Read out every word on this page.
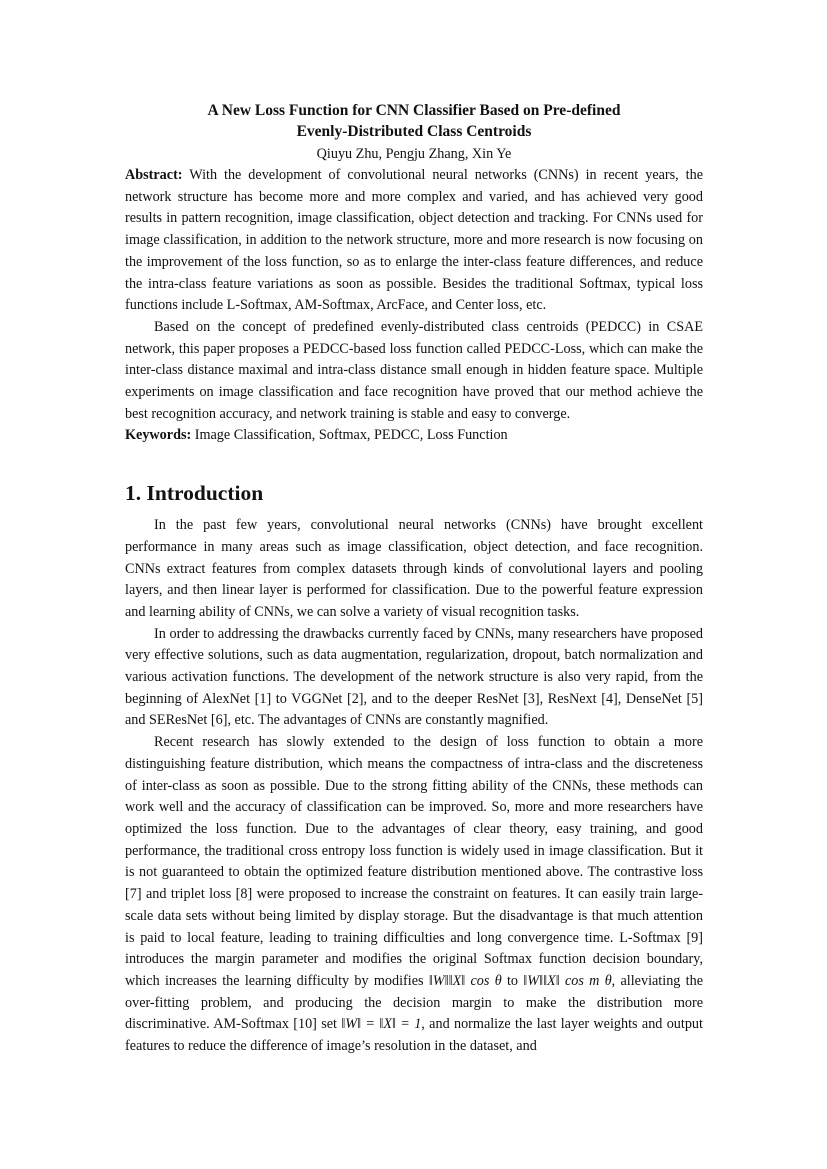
A New Loss Function for CNN Classifier Based on Pre-defined
Evenly-Distributed Class Centroids

Qiuyu Zhu, Pengju Zhang, Xin Ye

Abstract: With the development of convolutional neural networks (CNNs) in recent years, the network structure has become more and more complex and varied, and has achieved very good results in pattern recognition, image classification, object detection and tracking. For CNNs used for image classification, in addition to the network structure, more and more research is now focusing on the improvement of the loss function, so as to enlarge the inter-class feature differences, and reduce the intra-class feature variations as soon as possible. Besides the traditional Softmax, typical loss functions include L-Softmax, AM-Softmax, ArcFace, and Center loss, etc.

Based on the concept of predefined evenly-distributed class centroids (PEDCC) in CSAE network, this paper proposes a PEDCC-based loss function called PEDCC-Loss, which can make the inter-class distance maximal and intra-class distance small enough in hidden feature space. Multiple experiments on image classification and face recognition have proved that our method achieve the best recognition accuracy, and network training is stable and easy to converge.

Keywords: Image Classification, Softmax, PEDCC, Loss Function

1. Introduction

In the past few years, convolutional neural networks (CNNs) have brought excellent performance in many areas such as image classification, object detection, and face recognition. CNNs extract features from complex datasets through kinds of convolutional layers and pooling layers, and then linear layer is performed for classification. Due to the powerful feature expression and learning ability of CNNs, we can solve a variety of visual recognition tasks.

In order to addressing the drawbacks currently faced by CNNs, many researchers have proposed very effective solutions, such as data augmentation, regularization, dropout, batch normalization and various activation functions. The development of the network structure is also very rapid, from the beginning of AlexNet [1] to VGGNet [2], and to the deeper ResNet [3], ResNext [4], DenseNet [5] and SEResNet [6], etc. The advantages of CNNs are constantly magnified.

Recent research has slowly extended to the design of loss function to obtain a more distinguishing feature distribution, which means the compactness of intra-class and the discreteness of inter-class as soon as possible. Due to the strong fitting ability of the CNNs, these methods can work well and the accuracy of classification can be improved. So, more and more researchers have optimized the loss function. Due to the advantages of clear theory, easy training, and good performance, the traditional cross entropy loss function is widely used in image classification. But it is not guaranteed to obtain the optimized feature distribution mentioned above. The contrastive loss [7] and triplet loss [8] were proposed to increase the constraint on features. It can easily train large-scale data sets without being limited by display storage. But the disadvantage is that much attention is paid to local feature, leading to training difficulties and long convergence time. L-Softmax [9] introduces the margin parameter and modifies the original Softmax function decision boundary, which increases the learning difficulty by modifies ‖W‖‖X‖ cos θ to ‖W‖‖X‖ cos m θ, alleviating the over-fitting problem, and producing the decision margin to make the distribution more discriminative. AM-Softmax [10] set ‖W‖ = ‖X‖ = 1, and normalize the last layer weights and output features to reduce the difference of image’s resolution in the dataset, and
